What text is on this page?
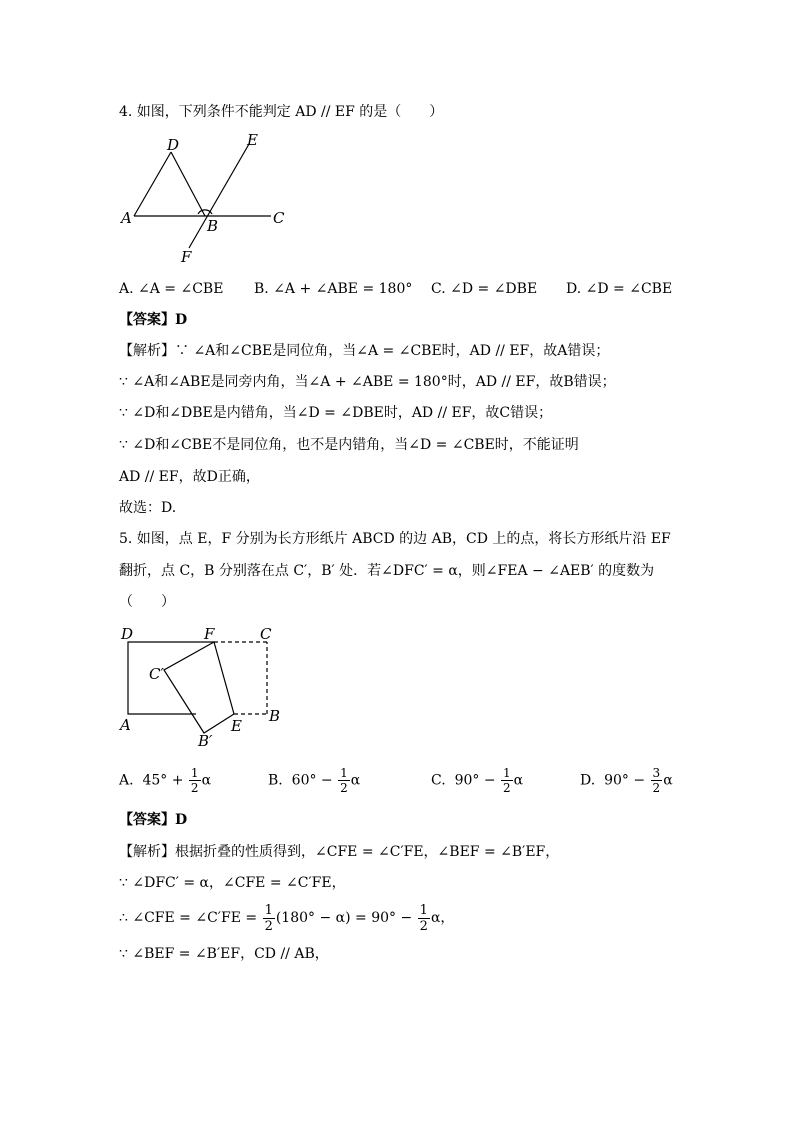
4. 如图，下列条件不能判定 AD // EF 的是（　　）
D	E
A	B	C
F
A. ∠A = ∠CBE B. ∠A + ∠ABE = 180° C. ∠D = ∠DBE D. ∠D = ∠CBE
【答案】D
【解析】∵ ∠A和∠CBE是同位角，当∠A = ∠CBE时，AD // EF，故A错误；
∵ ∠A和∠ABE是同旁内角，当∠A + ∠ABE = 180°时，AD // EF，故B错误；
∵ ∠D和∠DBE是内错角，当∠D = ∠DBE时，AD // EF，故C错误；
∵ ∠D和∠CBE不是同位角，也不是内错角，当∠D = ∠CBE时，不能证明
AD // EF，故D正确，
故选：D.
5. 如图，点 E，F 分别为长方形纸片 ABCD 的边 AB，CD 上的点，将长方形纸片沿 EF
翻折，点 C，B 分别落在点 C′，B′ 处．若∠DFC′ = α，则∠FEA − ∠AEB′ 的度数为
（　　）
D	F	C
C′
A
B′
E
B
A. $45^\circ + \frac{1}{2}$ α	B. $60^\circ - \frac{1}{2}$ α	C. $90^\circ - \frac{1}{2}$ α	D. $90^\circ - \frac{3}{2}$ α
【答案】D
【解析】根据折叠的性质得到，∠CFE = ∠C′FE，∠BEF = ∠B′EF，
∵ ∠DFC′ = α，∠CFE = ∠C′FE，
∴ ∠CFE = ∠C′FE = $\frac{1}{2} (180^\circ - \alpha) = 90^\circ - \frac{1}{2}$ α，
∵ ∠BEF = ∠B′EF，CD // AB，
